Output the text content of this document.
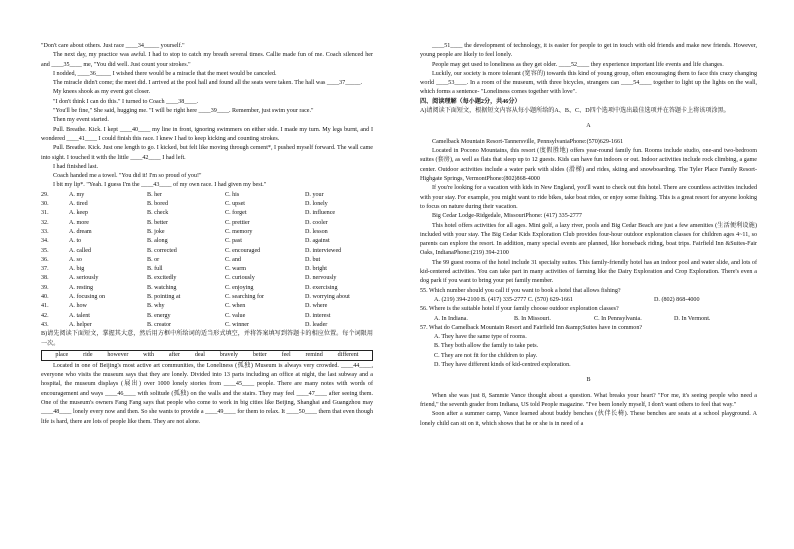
"Don't care about others. Just race ____34_____ yourself."

The next day, my practice was awful. I had to stop to catch my breath several times. Callie made fun of me. Coach silenced her and ____35____ me, "You did well. Just count your strokes."

I nodded, ____36_____ I wished there would be a miracle that the meet would be canceled.

The miracle didn't come; the meet did. I arrived at the pool hall and found all the seats were taken. The hall was ____37_____.

My knees shook as my event got closer.

"I don't think I can do this." I turned to Coach ____38____.

"You'll be fine," She said, hugging me. "I will be right here ____39____. Remember, just swim your race."

Then my event started.

Pull. Breathe. Kick. I kept ____40____ my line in front, ignoring swimmers on either side. I made my turn. My legs burnt, and I wondered ____41____ I could finish this race. I knew I had to keep kicking and counting strokes.

Pull. Breathe. Kick. Just one length to go. I kicked, but felt like moving through cement*, I pushed myself forward. The wall came into sight. I touched it with the little ____42____ I had left.

I had finished last.

Coach handed me a towel. "You did it! I'm so proud of you!"

I bit my lip*. "Yeah. I guess I'm the ____43____ of my own race. I had given my best."

29.	A. my	B. her	C. his	D. your
30.	A. tired	B. bored	C. upset	D. lonely
31.	A. keep	B. check	C. forget	D. influence
32.	A. more	B. better	C. prettier	D. cooler
33.	A. dream	B. joke	C. memory	D. lesson
34.	A. to	B. along	C. past	D. against
35.	A. called	B. corrected	C. encouraged	D. interviewed
36.	A. so	B. or	C. and	D. but
37.	A. big	B. full	C. warm	D. bright
38.	A. seriously	B. excitedly	C. curiously	D. nervously
39.	A. resting	B. watching	C. enjoying	D. exercising
40.	A. focusing on	B. pointing at	C. searching for	D. worrying about
41.	A. how	B. why	C. when	D. where
42.	A. talent	B. energy	C. value	D. interest
43.	A. helper	B. creator	C. winner	D. leader

B)请先阅读下面短文，掌握其大意，然后用方框中所给词的适当形式填空，并将答案填写到答题卡的相应位置。每个词限用一次。

place ride however with after deal bravely better feel remind different

Located in one of Beijing's most active art communities, the Loneliness (孤独) Museum is always very crowded. ____44____, everyone who visits the museum says that they are lonely. Divided into 13 parts including an office at night, the last subway and a hospital, the museum displays (展出) over 1000 lonely stories from ____45____ people. There are many notes with words of encouragement and ways ____46____ with solitude (孤独) on the walls and the stairs. They may feel ____47____ after seeing them. One of the museum's owners Fang Fang says that people who come to work in big cities like Beijing, Shanghai and Guangzhou may ____48____ lonely every now and then. So she wants to provide a ____49____ for them to relax. It ____50____ them that even though life is hard, there are lots of people like them. They are not alone.

____51____ the development of technology, it is easier for people to get in touch with old friends and make new friends. However, young people are likely to feel lonely.

People may get used to loneliness as they get older. ____52____ they experience important life events and life changes.

Luckily, our society is more tolerant (宽容的) towards this kind of young group, often encouraging them to face this crazy changing world ____53____. In a room of the museum, with three bicycles, strangers can ____54____ together to light up the lights on the wall, which forms a sentence- "Loneliness comes together with love".

四、阅读理解（每小题2分，共46分）

A)请阅读下面短文，根据短文内容从每小题所给的A、B、C、D四个选项中选出最佳选项并在答题卡上将该项涂黑。

A

Camelback Mountain Resort-Tannersville, PennsylvaniaPhone:(570)629-1661

Located in Pocono Mountains, this resort (度假胜地) offers year-round family fun. Rooms include studio, one-and two-bedroom suites (套房), as well as flats that sleep up to 12 guests. Kids can have fun indoors or out. Indoor activities include rock climbing, a game center. Outdoor activities include a water park with slides (滑梯) and rides, skiing and snowboarding. The Tyler Place Family Resort-Highgate Springs, VermontPhone:(802)868-4000

If you're looking for a vacation with kids in New England, you'll want to check out this hotel. There are countless activities included with your stay. For example, you might want to ride bikes, take boat rides, or enjoy some fishing. This is a great resort for anyone looking to focus on nature during their vacation.

Big Cedar Lodge-Ridgedale, MissouriPhone: (417) 335-2777

This hotel offers activities for all ages. Mini golf, a lazy river, pools and Big Cedar Beach are just a few amenities (生活便利设施) included with your stay. The Big Cedar Kids Exploration Club provides four-hour outdoor exploration classes for children ages 4~11, so parents can explore the resort. In addition, many special events are planned, like horseback riding, boat trips. Fairfield Inn &Suites-Fair Oaks, IndianaPhone:(219) 394-2100

The 99 guest rooms of the hotel include 31 specialty suites. This family-friendly hotel has an indoor pool and water slide, and lots of kid-centered activities. You can take part in many activities of farming like the Dairy Exploration and Crop Exploration. There's even a dog park if you want to bring your pet family member.

55. Which number should you call if you want to book a hotel that allows fishing?

A. (219) 394-2100 B. (417) 335-2777 C. (570) 629-1661	D. (802) 868-4000

56. Where is the suitable hotel if your family choose outdoor exploration classes?

A. In Indiana.	B. In Missouri.	C. In Pennsylvania.	D. In Vermont.

57. What do Camelback Mountain Resort and Fairfield Inn &amp;Suites have in common?

A. They have the same type of rooms.

B. They both allow the family to take pets.

C. They are not fit for the children to play.

D. They have different kinds of kid-centred exploration.

B

When she was just 8, Sammie Vance thought about a question. What breaks your heart? "For me, it's seeing people who need a friend," the seventh grader from Indiana, US told People magazine. "I've been lonely myself, I don't want others to feel that way."

Soon after a summer camp, Vance learned about buddy benches (伙伴长椅). These benches are seats at a school playground. A lonely child can sit on it, which shows that he or she is in need of a
